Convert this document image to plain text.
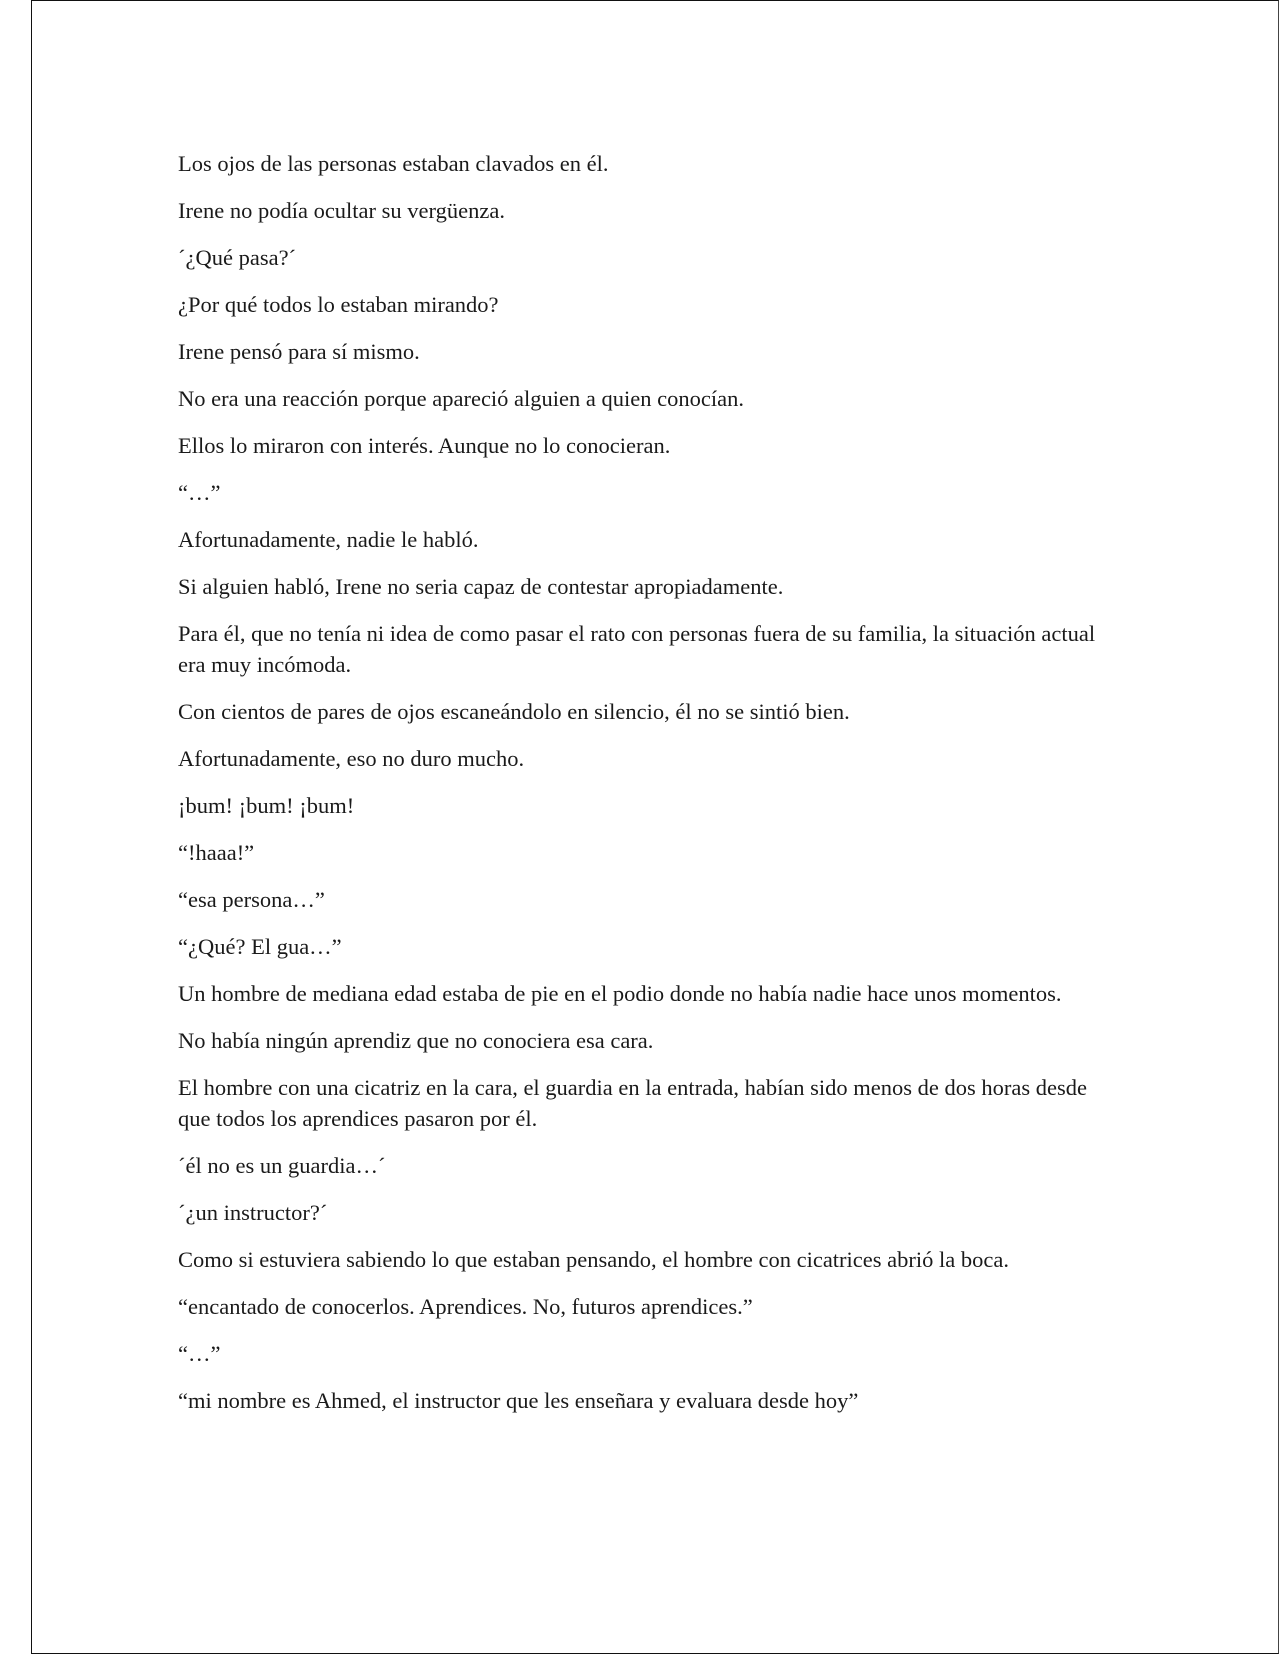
Los ojos de las personas estaban clavados en él.

Irene no podía ocultar su vergüenza.

´¿Qué pasa?´

¿Por qué todos lo estaban mirando?

Irene pensó para sí mismo.

No era una reacción porque apareció alguien a quien conocían.

Ellos lo miraron con interés. Aunque no lo conocieran.

“…”

Afortunadamente, nadie le habló.

Si alguien habló, Irene no seria capaz de contestar apropiadamente.

Para él, que no tenía ni idea de como pasar el rato con personas fuera de su familia, la situación actual era muy incómoda.

Con cientos de pares de ojos escaneándolo en silencio, él no se sintió bien.

Afortunadamente, eso no duro mucho.

¡bum! ¡bum! ¡bum!

“!haaa!”

“esa persona…”

“¿Qué? El gua…”

Un hombre de mediana edad estaba de pie en el podio donde no había nadie hace unos momentos.

No había ningún aprendiz que no conociera esa cara.

El hombre con una cicatriz en la cara, el guardia en la entrada, habían sido menos de dos horas desde que todos los aprendices pasaron por él.

´él no es un guardia…´

´¿un instructor?´

Como si estuviera sabiendo lo que estaban pensando, el hombre con cicatrices abrió la boca.

“encantado de conocerlos. Aprendices. No, futuros aprendices.”

“…”

“mi nombre es Ahmed, el instructor que les enseñara y evaluara desde hoy”
